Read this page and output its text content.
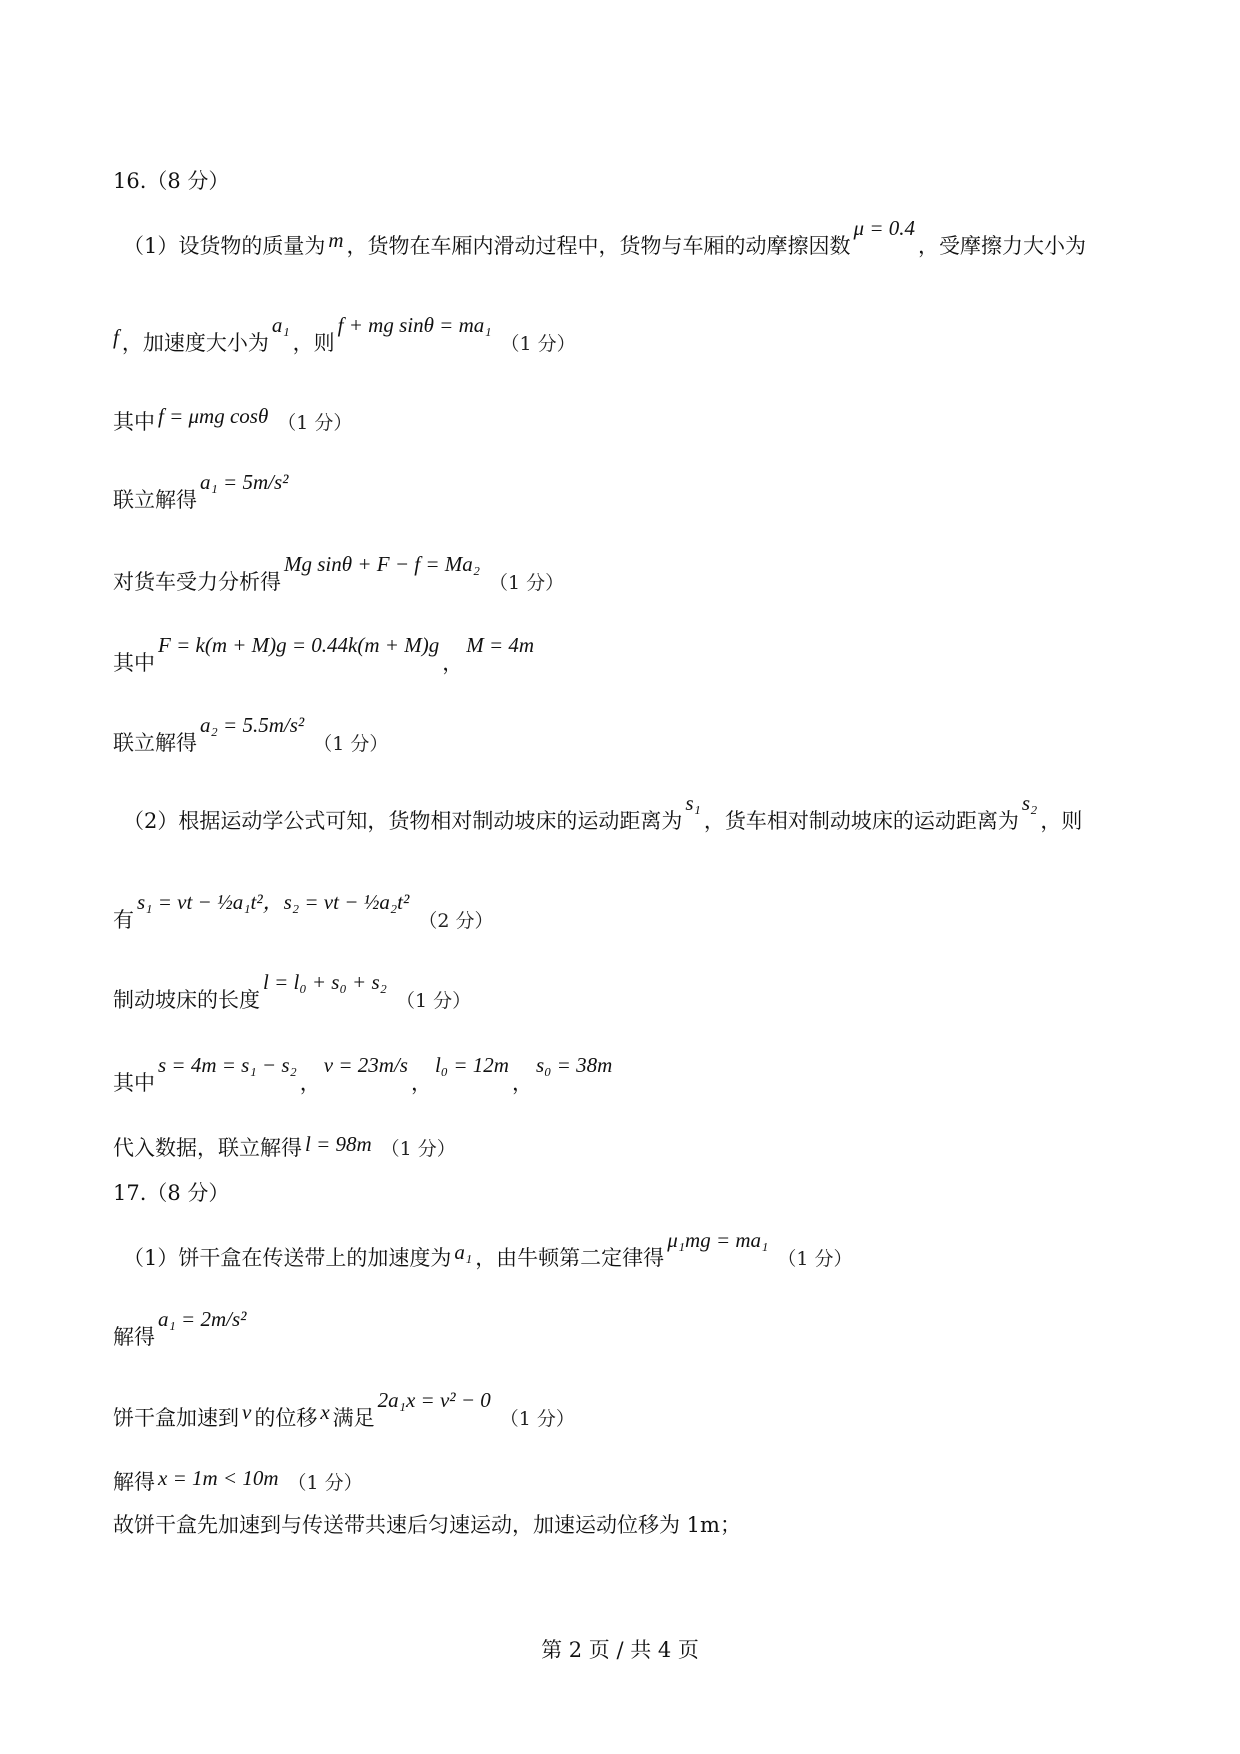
16.（8 分）
（1）设货物的质量为 m ，货物在车厢内滑动过程中，货物与车厢的动摩擦因数μ = 0.4，受摩擦力大小为
f ，加速度大小为a₁，则f + mg sinθ = ma₁（1 分）
其中 f = μmg cosθ （1 分）
联立解得a₁ = 5m/s²
对货车受力分析得Mg sinθ + F − f = Ma₂（1 分）
其中F = k(m + M)g = 0.44k(m + M)g，M = 4m
联立解得a₂ = 5.5m/s²（1 分）
（2）根据运动学公式可知，货物相对制动坡床的运动距离为s₁，货车相对制动坡床的运动距离为s₂，则
有s₁ = vt − ½a₁t²，s₂ = vt − ½a₂t²（2 分）
制动坡床的长度l = l₀ + s₀ + s₂（1 分）
其中s = 4m = s₁ − s₂，v = 23m/s，l₀ = 12m，s₀ = 38m
代入数据，联立解得 l = 98m （1 分）
17.（8 分）
（1）饼干盒在传送带上的加速度为 a₁ ，由牛顿第二定律得μ₁mg = ma₁（1 分）
解得a₁ = 2m/s²
饼干盒加速到 v 的位移 x 满足2a₁x = v² − 0（1 分）
解得 x = 1m < 10m （1 分）
故饼干盒先加速到与传送带共速后匀速运动，加速运动位移为 1m；
第 2 页 / 共 4 页
